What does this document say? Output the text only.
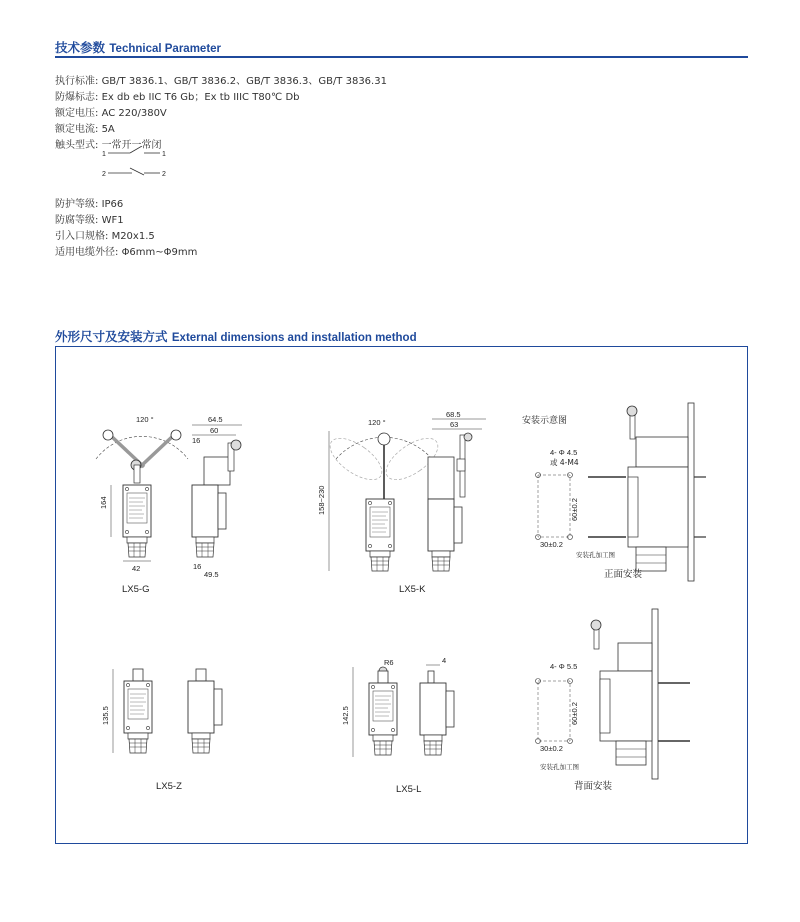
技术参数 Technical Parameter
执行标准: GB/T 3836.1、GB/T 3836.2、GB/T 3836.3、GB/T 3836.31
防爆标志: Ex db eb IIC T6 Gb；Ex tb IIIC T80℃ Db
额定电压: AC 220/380V
额定电流: 5A
触头型式: 一常开一常闭
1	1
2	2
防护等级: IP66
防腐等级: WF1
引入口规格: M20x1.5
适用电缆外径: Φ6mm~Φ9mm
外形尺寸及安装方式 External dimensions and installation method
120 °
164
42
LX5-G
64.5
60
16
16
49.5
120 °
158~230
LX5-K
68.5
63
135.5
LX5-Z
R6
142.5
LX5-L
4
安装示意图
4- Φ 4.5
或 4-M4
60±0.2
30±0.2
安装孔加工图
正面安装
4- Φ 5.5
60±0.2
30±0.2
安装孔加工图
背面安装
